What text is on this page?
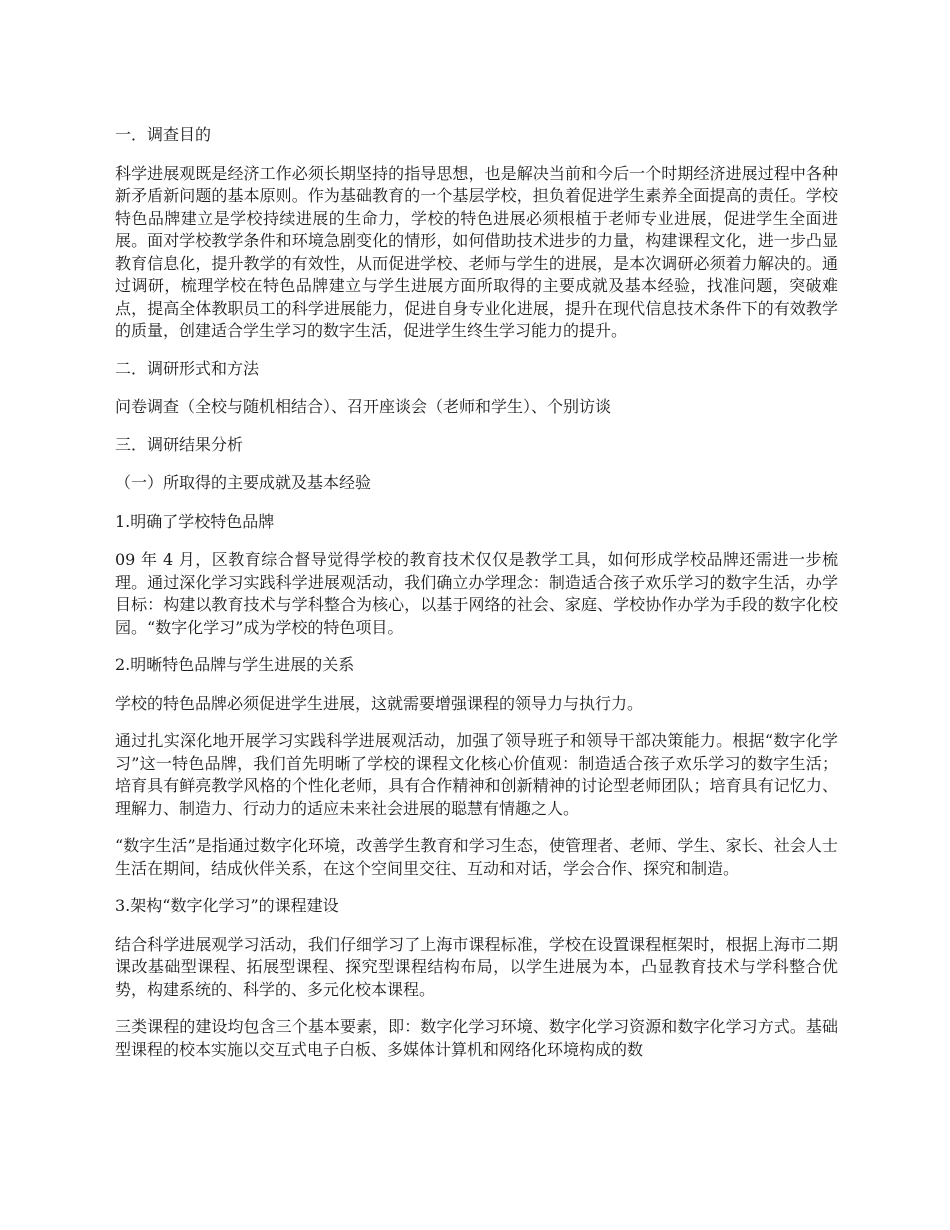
一．调查目的

科学进展观既是经济工作必须长期坚持的指导思想，也是解决当前和今后一个时期经济进展过程中各种新矛盾新问题的基本原则。作为基础教育的一个基层学校，担负着促进学生素养全面提高的责任。学校特色品牌建立是学校持续进展的生命力，学校的特色进展必须根植于老师专业进展，促进学生全面进展。面对学校教学条件和环境急剧变化的情形，如何借助技术进步的力量，构建课程文化，进一步凸显教育信息化，提升教学的有效性，从而促进学校、老师与学生的进展，是本次调研必须着力解决的。通过调研，梳理学校在特色品牌建立与学生进展方面所取得的主要成就及基本经验，找准问题，突破难点，提高全体教职员工的科学进展能力，促进自身专业化进展，提升在现代信息技术条件下的有效教学的质量，创建适合学生学习的数字生活，促进学生终生学习能力的提升。

二．调研形式和方法

问卷调查（全校与随机相结合）、召开座谈会（老师和学生）、个别访谈

三．调研结果分析

（一）所取得的主要成就及基本经验

1.明确了学校特色品牌

09 年 4 月，区教育综合督导觉得学校的教育技术仅仅是教学工具，如何形成学校品牌还需进一步梳理。通过深化学习实践科学进展观活动，我们确立办学理念：制造适合孩子欢乐学习的数字生活，办学目标：构建以教育技术与学科整合为核心，以基于网络的社会、家庭、学校协作办学为手段的数字化校园。“数字化学习”成为学校的特色项目。

2.明晰特色品牌与学生进展的关系

学校的特色品牌必须促进学生进展，这就需要增强课程的领导力与执行力。

通过扎实深化地开展学习实践科学进展观活动，加强了领导班子和领导干部决策能力。根据“数字化学习”这一特色品牌，我们首先明晰了学校的课程文化核心价值观：制造适合孩子欢乐学习的数字生活；培育具有鲜亮教学风格的个性化老师，具有合作精神和创新精神的讨论型老师团队；培育具有记忆力、理解力、制造力、行动力的适应未来社会进展的聪慧有情趣之人。

“数字生活”是指通过数字化环境，改善学生教育和学习生态，使管理者、老师、学生、家长、社会人士生活在期间，结成伙伴关系，在这个空间里交往、互动和对话，学会合作、探究和制造。

3.架构“数字化学习”的课程建设

结合科学进展观学习活动，我们仔细学习了上海市课程标准，学校在设置课程框架时，根据上海市二期课改基础型课程、拓展型课程、探究型课程结构布局，以学生进展为本，凸显教育技术与学科整合优势，构建系统的、科学的、多元化校本课程。

三类课程的建设均包含三个基本要素，即：数字化学习环境、数字化学习资源和数字化学习方式。基础型课程的校本实施以交互式电子白板、多媒体计算机和网络化环境构成的数
